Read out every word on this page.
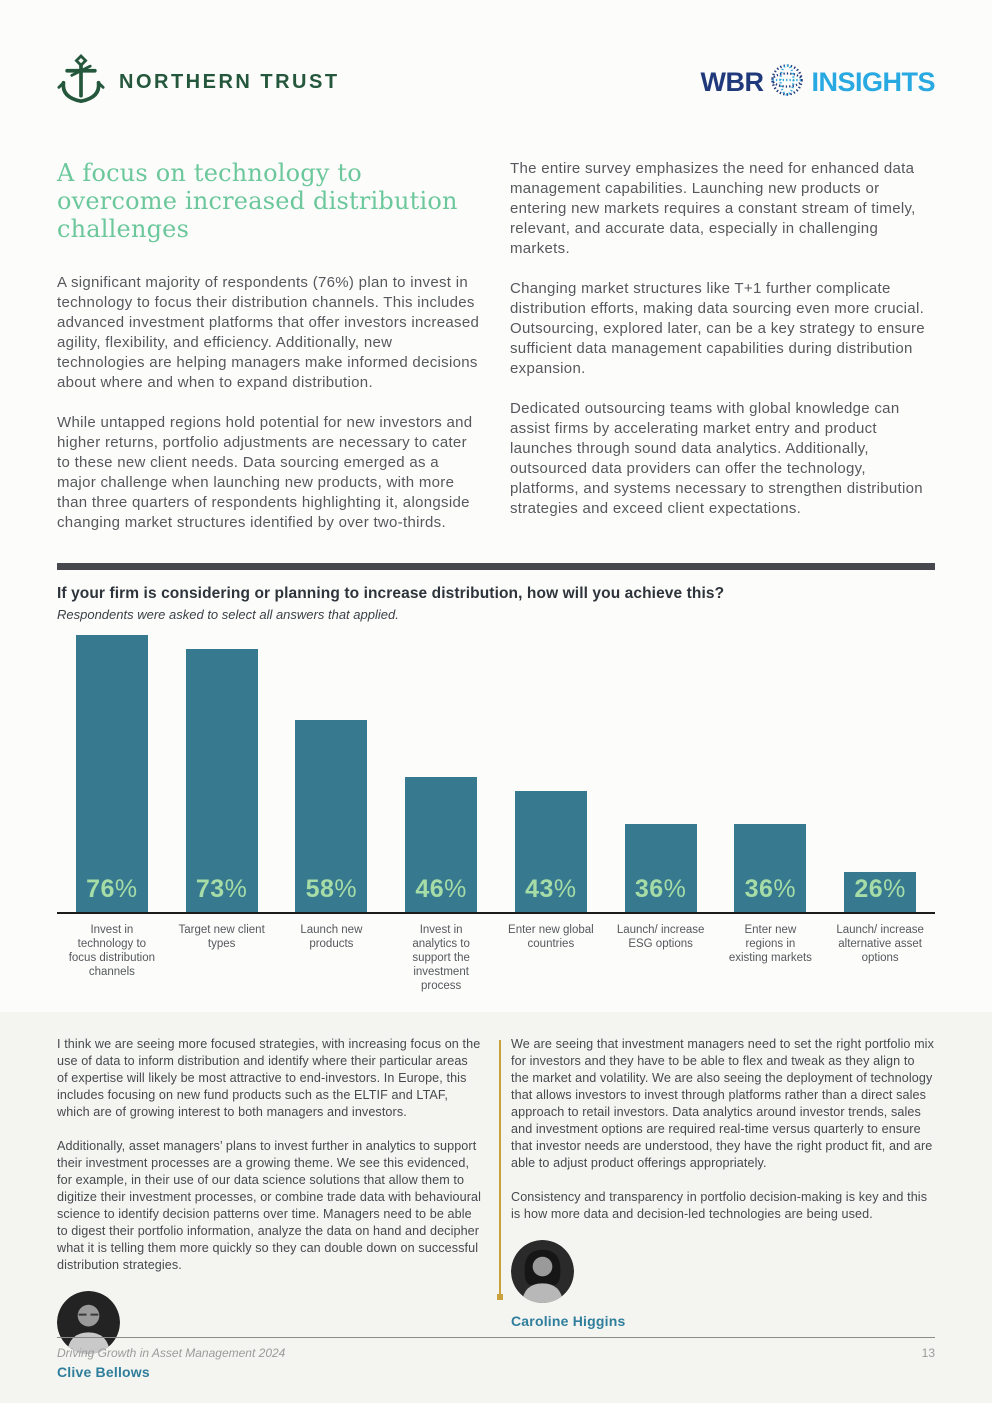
NORTHERN TRUST	WBR INSIGHTS
A focus on technology to overcome increased distribution challenges

A significant majority of respondents (76%) plan to invest in technology to focus their distribution channels. This includes advanced investment platforms that offer investors increased agility, flexibility, and efficiency. Additionally, new technologies are helping managers make informed decisions about where and when to expand distribution.

While untapped regions hold potential for new investors and higher returns, portfolio adjustments are necessary to cater to these new client needs. Data sourcing emerged as a major challenge when launching new products, with more than three quarters of respondents highlighting it, alongside changing market structures identified by over two-thirds.

The entire survey emphasizes the need for enhanced data management capabilities. Launching new products or entering new markets requires a constant stream of timely, relevant, and accurate data, especially in challenging markets.

Changing market structures like T+1 further complicate distribution efforts, making data sourcing even more crucial. Outsourcing, explored later, can be a key strategy to ensure sufficient data management capabilities during distribution expansion.

Dedicated outsourcing teams with global knowledge can assist firms by accelerating market entry and product launches through sound data analytics. Additionally, outsourced data providers can offer the technology, platforms, and systems necessary to strengthen distribution strategies and exceed client expectations.

If your firm is considering or planning to increase distribution, how will you achieve this?

Respondents were asked to select all answers that applied.

76% 73% 58% 46% 43% 36% 36% 26%
Invest in technology to focus distribution channels
Target new client types
Launch new products
Invest in analytics to support the investment process
Enter new global countries
Launch/ increase ESG options
Enter new regions in existing markets
Launch/ increase alternative asset options

I think we are seeing more focused strategies, with increasing focus on the use of data to inform distribution and identify where their particular areas of expertise will likely be most attractive to end-investors. In Europe, this includes focusing on new fund products such as the ELTIF and LTAF, which are of growing interest to both managers and investors.

Additionally, asset managers’ plans to invest further in analytics to support their investment processes are a growing theme. We see this evidenced, for example, in their use of our data science solutions that allow them to digitize their investment processes, or combine trade data with behavioural science to identify decision patterns over time. Managers need to be able to digest their portfolio information, analyze the data on hand and decipher what it is telling them more quickly so they can double down on successful distribution strategies.

Clive Bellows

We are seeing that investment managers need to set the right portfolio mix for investors and they have to be able to flex and tweak as they align to the market and volatility. We are also seeing the deployment of technology that allows investors to invest through platforms rather than a direct sales approach to retail investors. Data analytics around investor trends, sales and investment options are required real-time versus quarterly to ensure that investor needs are understood, they have the right product fit, and are able to adjust product offerings appropriately.

Consistency and transparency in portfolio decision-making is key and this is how more data and decision-led technologies are being used.

Caroline Higgins
Driving Growth in Asset Management 2024	13
